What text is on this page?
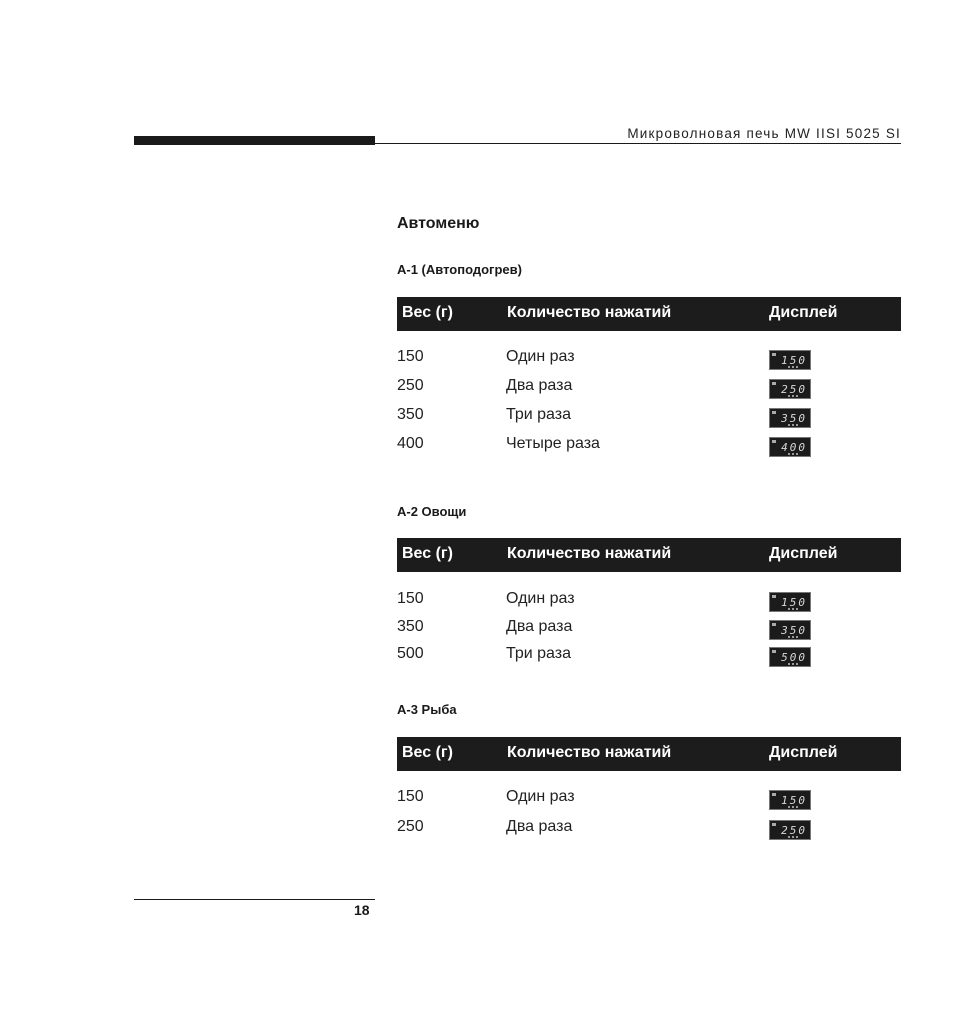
Микроволновая печь MW IISI 5025 SI
Автоменю
А-1 (Автоподогрев)
Вес (г)	Количество нажатий	Дисплей
150	Один раз	150
250	Два раза	250
350	Три раза	350
400	Четыре раза	400
А-2 Овощи
Вес (г)	Количество нажатий	Дисплей
150	Один раз	150
350	Два раза	350
500	Три раза	500
А-3 Рыба
Вес (г)	Количество нажатий	Дисплей
150	Один раз	150
250	Два раза	250
18
